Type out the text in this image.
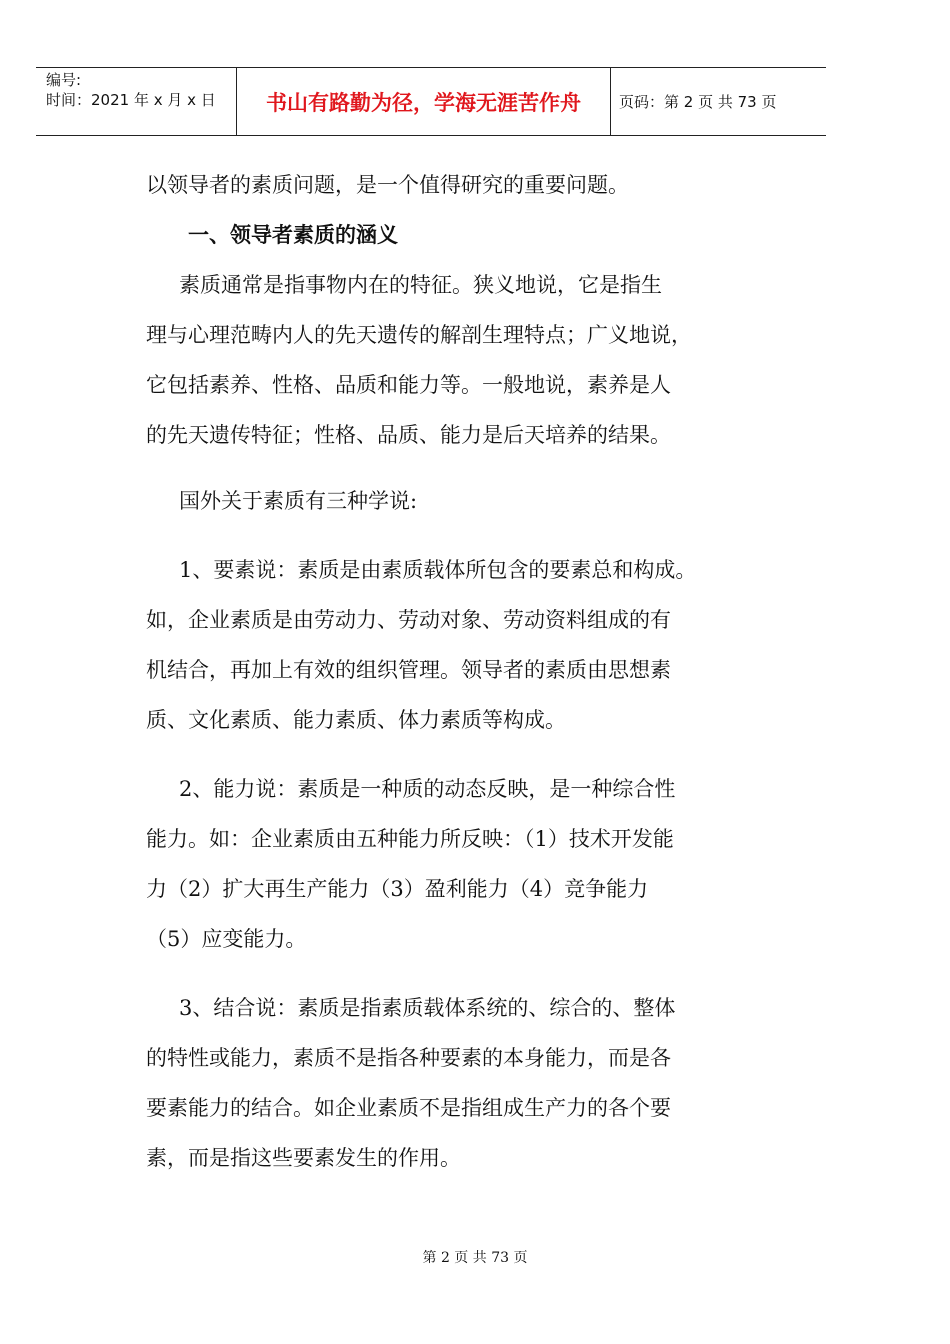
编号:
时间：2021 年 x 月 x 日	书山有路勤为径，学海无涯苦作舟	页码：第 2 页 共 73 页
以领导者的素质问题，是一个值得研究的重要问题。
一、领导者素质的涵义
素质通常是指事物内在的特征。狭义地说，它是指生
理与心理范畴内人的先天遗传的解剖生理特点；广义地说，
它包括素养、性格、品质和能力等。一般地说，素养是人
的先天遗传特征；性格、品质、能力是后天培养的结果。
国外关于素质有三种学说:
1、要素说：素质是由素质载体所包含的要素总和构成。
如，企业素质是由劳动力、劳动对象、劳动资料组成的有
机结合，再加上有效的组织管理。领导者的素质由思想素
质、文化素质、能力素质、体力素质等构成。
2、能力说：素质是一种质的动态反映，是一种综合性
能力。如：企业素质由五种能力所反映：（1）技术开发能
力（2）扩大再生产能力（3）盈利能力（4）竞争能力
（5）应变能力。
3、结合说：素质是指素质载体系统的、综合的、整体
的特性或能力，素质不是指各种要素的本身能力，而是各
要素能力的结合。如企业素质不是指组成生产力的各个要
素，而是指这些要素发生的作用。
第 2 页 共 73 页
